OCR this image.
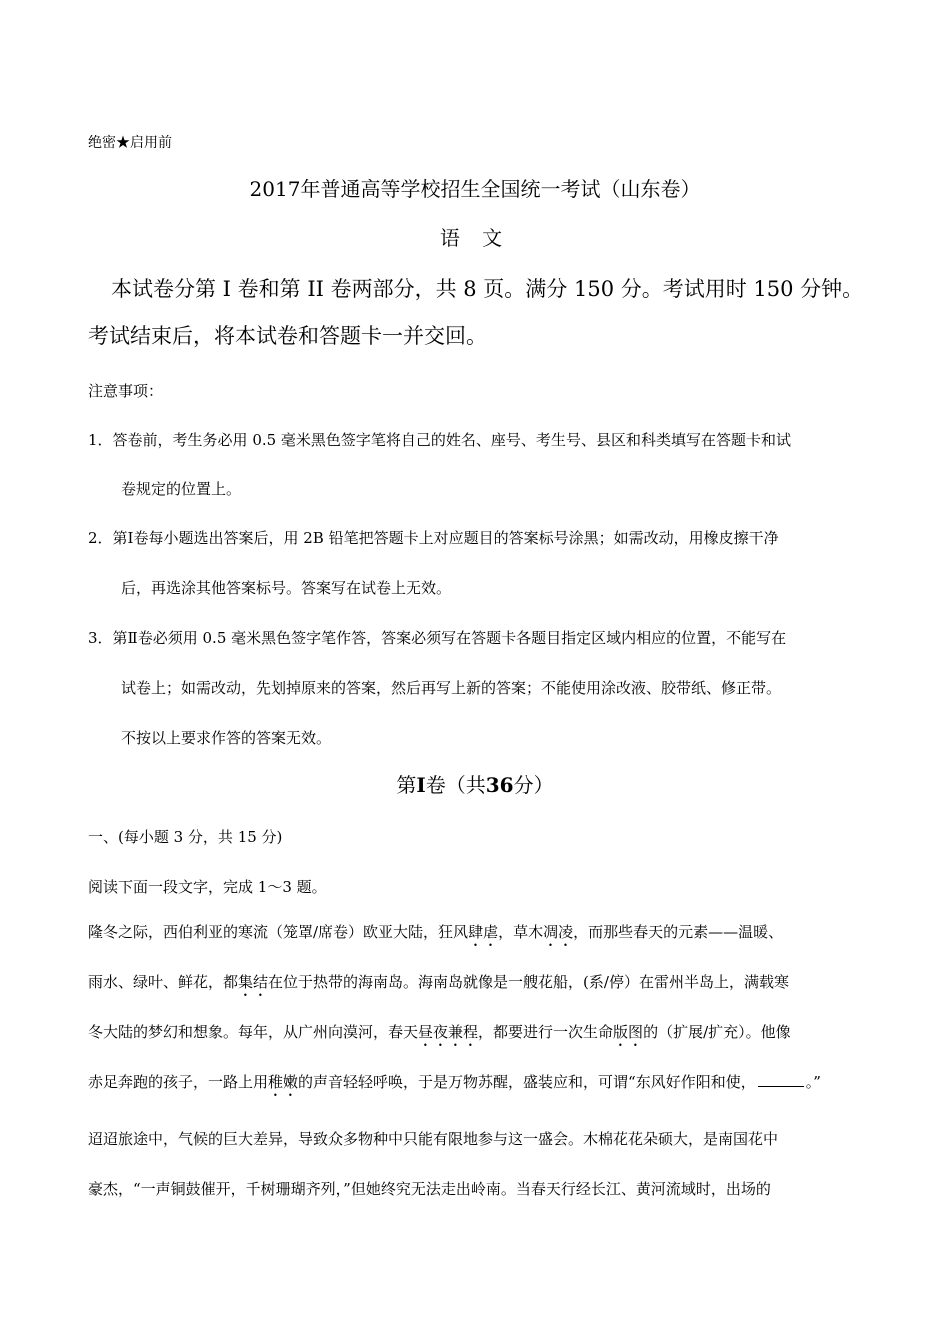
绝密★启用前
2017年普通高等学校招生全国统一考试（山东卷）
语 文
本试卷分第 I 卷和第 II 卷两部分，共 8 页。满分 150 分。考试用时 150 分钟。
考试结束后，将本试卷和答题卡一并交回。
注意事项：
1．答卷前，考生务必用 0.5 毫米黑色签字笔将自己的姓名、座号、考生号、县区和科类填写在答题卡和试
卷规定的位置上。
2．第Ⅰ卷每小题选出答案后，用 2B 铅笔把答题卡上对应题目的答案标号涂黑；如需改动，用橡皮擦干净
后，再选涂其他答案标号。答案写在试卷上无效。
3．第Ⅱ卷必须用 0.5 毫米黑色签字笔作答，答案必须写在答题卡各题目指定区域内相应的位置，不能写在
试卷上；如需改动，先划掉原来的答案，然后再写上新的答案；不能使用涂改液、胶带纸、修正带。
不按以上要求作答的答案无效。
第I卷（共36分）
一、(每小题 3 分，共 15 分)
阅读下面一段文字，完成 1～3 题。
隆冬之际，西伯利亚的寒流（笼罩/席卷）欧亚大陆，狂风肆虐，草木凋凌，而那些春天的元素——温暖、
雨水、绿叶、鲜花，都集结在位于热带的海南岛。海南岛就像是一艘花船，(系/停）在雷州半岛上，满载寒
冬大陆的梦幻和想象。每年，从广州向漠河，春天昼夜兼程，都要进行一次生命版图的（扩展/扩充）。他像
赤足奔跑的孩子，一路上用稚嫩的声音轻轻呼唤，于是万物苏醒，盛装应和，可谓“东风好作阳和使，	。”
迢迢旅途中，气候的巨大差异，导致众多物种中只能有限地参与这一盛会。木棉花花朵硕大，是南国花中
豪杰，“一声铜鼓催开，千树珊瑚齐列，”但她终究无法走出岭南。当春天行经长江、黄河流域时，出场的
